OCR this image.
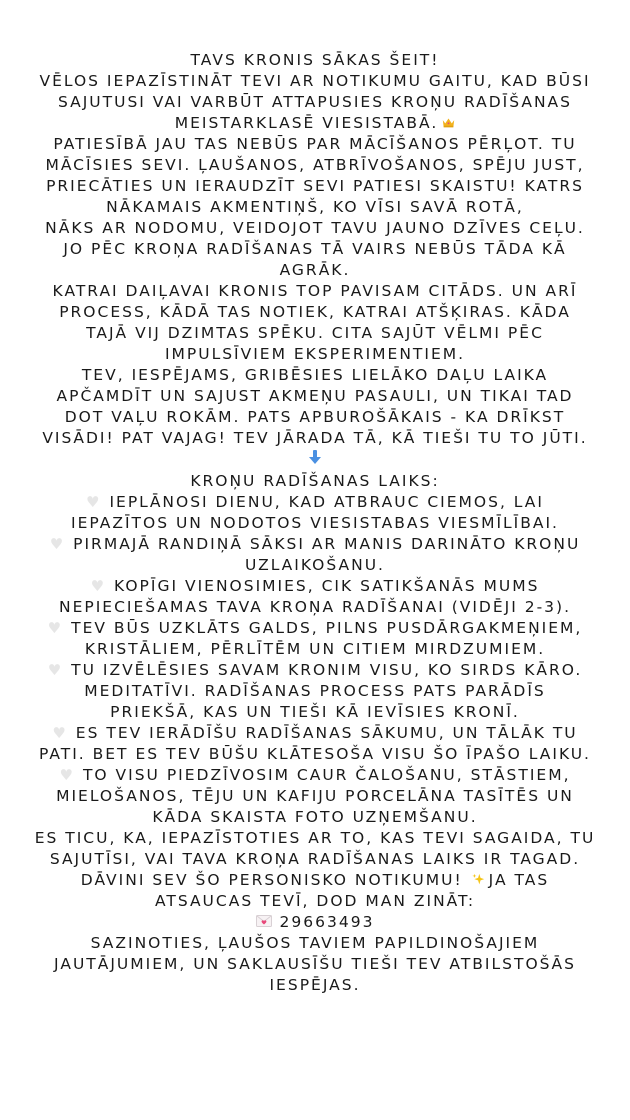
TAVS KRONIS SĀKAS ŠEIT!
VĒLOS IEPAZĪSTINĀT TEVI AR NOTIKUMU GAITU, KAD BŪSI
SAJUTUSI VAI VARBŪT ATTAPUSIES KROŅU RADĪŠANAS
MEISTARKLASĒ VIESISTABĀ.
PATIESĪBĀ JAU TAS NEBŪS PAR MĀCĪŠANOS PĒRĻOT. TU
MĀCĪSIES SEVI. ĻAUŠANOS, ATBRĪVOŠANOS, SPĒJU JUST,
PRIECĀTIES UN IERAUDZĪT SEVI PATIESI SKAISTU! KATRS
NĀKAMAIS AKMENTIŅŠ, KO VĪSI SAVĀ ROTĀ,
NĀKS AR NODOMU, VEIDOJOT TAVU JAUNO DZĪVES CEĻU.
JO PĒC KROŅA RADĪŠANAS TĀ VAIRS NEBŪS TĀDA KĀ
AGRĀK.
KATRAI DAIĻAVAI KRONIS TOP PAVISAM CITĀDS. UN ARĪ
PROCESS, KĀDĀ TAS NOTIEK, KATRAI ATŠĶIRAS. KĀDA
TAJĀ VIJ DZIMTAS SPĒKU. CITA SAJŪT VĒLMI PĒC
IMPULSĪVIEM EKSPERIMENTIEM.
TEV, IESPĒJAMS, GRIBĒSIES LIELĀKO DAĻU LAIKA
APČAMDĪT UN SAJUST AKMEŅU PASAULI, UN TIKAI TAD
DOT VAĻU ROKĀM. PATS APBUROŠĀKAIS - KA DRĪKST
VISĀDI! PAT VAJAG! TEV JĀRADA TĀ, KĀ TIEŠI TU TO JŪTI.
KROŅU RADĪŠANAS LAIKS:
♥ IEPLĀNOSI DIENU, KAD ATBRAUC CIEMOS, LAI
IEPAZĪTOS UN NODOTOS VIESISTABAS VIESMĪLĪBAI.
♥ PIRMAJĀ RANDIŅĀ SĀKSI AR MANIS DARINĀTO KROŅU
UZLAIKOŠANU.
♥ KOPĪGI VIENOSIMIES, CIK SATIKŠANĀS MUMS
NEPIECIEŠAMAS TAVA KROŅA RADĪŠANAI (VIDĒJI 2-3).
♥ TEV BŪS UZKLĀTS GALDS, PILNS PUSDĀRGAKMEŅIEM,
KRISTĀLIEM, PĒRLĪTĒM UN CITIEM MIRDZUMIEM.
♥ TU IZVĒLĒSIES SAVAM KRONIM VISU, KO SIRDS KĀRO.
MEDITATĪVI. RADĪŠANAS PROCESS PATS PARĀDĪS
PRIEKŠĀ, KAS UN TIEŠI KĀ IEVĪSIES KRONĪ.
♥ ES TEV IERĀDĪŠU RADĪŠANAS SĀKUMU, UN TĀLĀK TU
PATI. BET ES TEV BŪŠU KLĀTESOŠA VISU ŠO ĪPAŠO LAIKU.
♥ TO VISU PIEDZĪVOSIM CAUR ČALOŠANU, STĀSTIEM,
MIELOŠANOS, TĒJU UN KAFIJU PORCELĀNA TASĪTĒS UN
KĀDA SKAISTA FOTO UZŅEMŠANU.
ES TICU, KA, IEPAZĪSTOTIES AR TO, KAS TEVI SAGAIDA, TU
SAJUTĪSI, VAI TAVA KROŅA RADĪŠANAS LAIKS IR TAGAD.
DĀVINI SEV ŠO PERSONISKO NOTIKUMU! JA TAS
ATSAUCAS TEVĪ, DOD MAN ZINĀT:
29663493
SAZINOTIES, ĻAUŠOS TAVIEM PAPILDINOŠAJIEM
JAUTĀJUMIEM, UN SAKLAUSĪŠU TIEŠI TEV ATBILSTOŠĀS
IESPĒJAS.
